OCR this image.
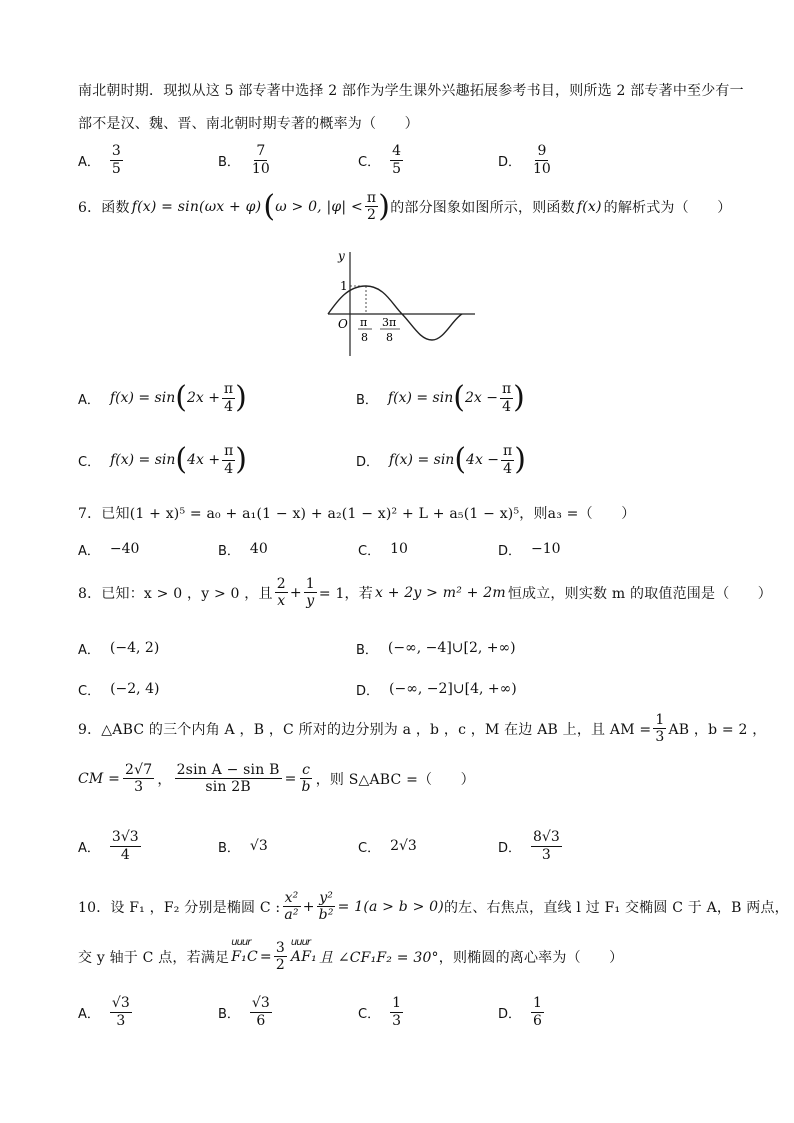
南北朝时期．现拟从这 5 部专著中选择 2 部作为学生课外兴趣拓展参考书目，则所选 2 部专著中至少有一
部不是汉、魏、晋、南北朝时期专著的概率为（　　）
A． $\frac{3}{5}$	B． $\frac{7}{10}$	C． $\frac{4}{5}$	D． $\frac{9}{10}$
6．函数 f(x) = sin(ωx + φ) ( ω > 0, $|\varphi| < \frac{\pi}{2}$ ) 的部分图象如图所示，则函数 f(x) 的解析式为（　　）
y
1
O π
8
3π
8
A． f(x) = sin ( $2x + \frac{\pi}{4}$ )	B． f(x) = sin ( $2x - \frac{\pi}{4}$ )
C． f(x) = sin ( $4x + \frac{\pi}{4}$ )	D． f(x) = sin ( $4x - \frac{\pi}{4}$ )
7．已知(1 + x)⁵ = a₀ + a₁(1 − x) + a₂(1 − x)² + L + a₅(1 − x)⁵，则a₃ =（　　）
A． −40	B． 40	C． 10	D． −10
8．已知：x > 0 ，y > 0 ，且 $\frac{2}{x} + \frac{1}{y} = 1$，若 x + 2y > m² + 2m 恒成立，则实数 m 的取值范围是（　　）
A． (−4, 2)	B． (−∞, −4]∪[2, +∞)
C． (−2, 4)	D． (−∞, −2]∪[4, +∞)
9．△ABC 的三个内角 A ，B ，C 所对的边分别为 a ，b ，c ，M 在边 AB 上，且 AM = $\frac{1}{3}$ AB ，b = 2 ，
CM = $\frac{2√7}{3}$ ， $\frac{\text{2sin A − sin B}}{\sin 2B} = \frac{c}{b}$ ，则 S△ABC =（　　）
A． $\frac{3√3}{4}$	B． √3	C． 2√3	D． $\frac{8√3}{3}$
10．设 F₁ ，F₂ 分别是椭圆 C : $\frac{\text{x²}}{\text{a²}} + \frac{\text{y²}}{\text{b²}} = 1(a > b > 0)$ 的左、右焦点，直线 l 过 F₁ 交椭圆 C 于 A，B 两点，
交 y 轴于 C 点，若满足
uuur
$F_1C = \frac{3}{2}$ uuur
AF₁ 且 ∠CF₁F₂ = 30° ，则椭圆的离心率为（　　）
A． $\frac{√3}{3}$	B． $\frac{√3}{6}$	C． $\frac{1}{3}$	D． $\frac{1}{6}$
